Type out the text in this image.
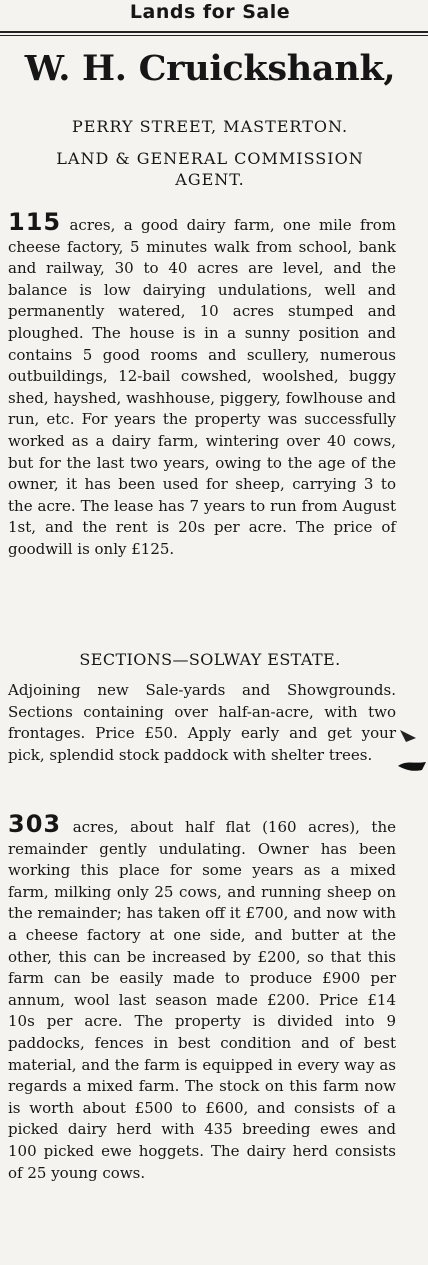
Lands for Sale
W. H. Cruickshank,
PERRY STREET, MASTERTON.
LAND & GENERAL COMMISSION
AGENT.
115 acres, a good dairy farm, one mile from cheese factory, 5 minutes walk from school, bank and railway, 30 to 40 acres are level, and the balance is low dairying undulations, well and permanently watered, 10 acres stumped and ploughed. The house is in a sunny position and contains 5 good rooms and scullery, numerous outbuildings, 12-bail cowshed, woolshed, buggy shed, hayshed, washhouse, piggery, fowlhouse and run, etc. For years the property was successfully worked as a dairy farm, wintering over 40 cows, but for the last two years, owing to the age of the owner, it has been used for sheep, carrying 3 to the acre. The lease has 7 years to run from August 1st, and the rent is 20s per acre. The price of goodwill is only £125.
SECTIONS—SOLWAY ESTATE.
Adjoining new Sale-yards and Showgrounds. Sections containing over half-an-acre, with two frontages. Price £50. Apply early and get your pick, splendid stock paddock with shelter trees.
303 acres, about half flat (160 acres), the remainder gently undulating. Owner has been working this place for some years as a mixed farm, milking only 25 cows, and running sheep on the remainder; has taken off it £700, and now with a cheese factory at one side, and butter at the other, this can be increased by £200, so that this farm can be easily made to produce £900 per annum, wool last season made £200. Price £14 10s per acre. The property is divided into 9 paddocks, fences in best condition and of best material, and the farm is equipped in every way as regards a mixed farm. The stock on this farm now is worth about £500 to £600, and consists of a picked dairy herd with 435 breeding ewes and 100 picked ewe hoggets. The dairy herd consists of 25 young cows.
